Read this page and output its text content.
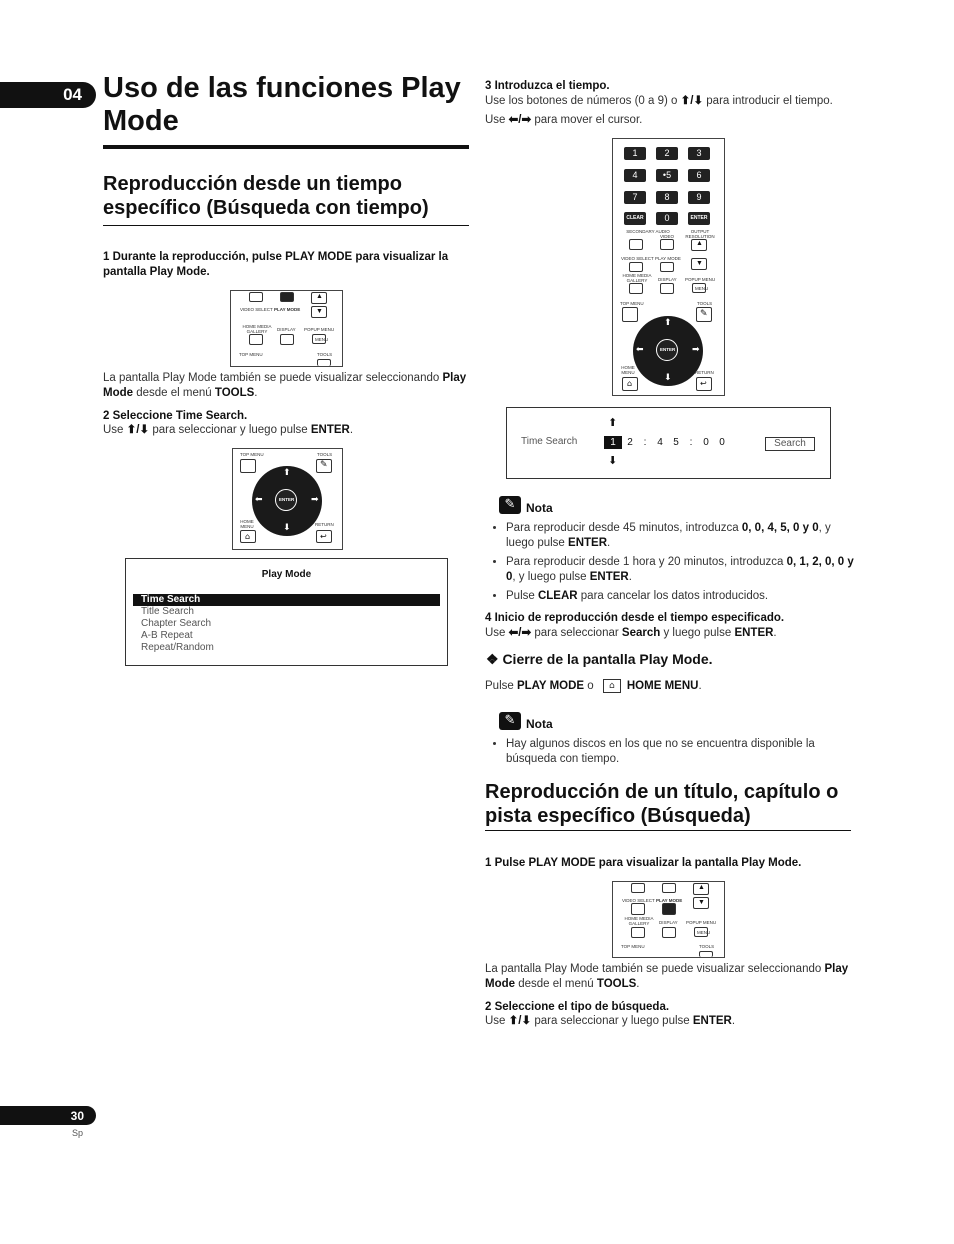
04 Uso de las funciones Play Mode
Reproducción desde un tiempo específico (Búsqueda con tiempo)
1 Durante la reproducción, pulse PLAY MODE para visualizar la pantalla Play Mode.
▲
VIDEO SELECT PLAY MODE ▼
HOME MEDIA GALLERY	DISPLAY POPUP MENU
MENU
TOP MENU	TOOLS
La pantalla Play Mode también se puede visualizar seleccionando Play Mode desde el menú TOOLS.
2 Seleccione Time Search.
Use ⬆/⬇ para seleccionar y luego pulse ENTER.
TOP MENU	TOOLS
✎
⬆
⬇
⬅	➡
ENTER
HOME MENU	RETURN
⌂	↩
Play Mode
Time Search
Title Search
Chapter Search
A-B Repeat
Repeat/Random
3 Introduzca el tiempo.
Use los botones de números (0 a 9) o ⬆/⬇ para introducir el tiempo.
Use ⬅/➡ para mover el cursor.
1	2	3
4	•5	6
7	8	9
CLEAR	0	ENTER
SECONDARY AUDIO
VIDEO
OUTPUT RESOLUTION
▲
VIDEO SELECT PLAY MODE
▼
HOME MEDIA GALLERY	DISPLAY POPUP MENU
MENU
TOP MENU	TOOLS
✎
⬆
⬇
⬅	➡
ENTER
HOME MENU	RETURN
⌂	↩
⬆
Time Search	1	2	:	4	5	:	0	0
⬇
Search
✎ Nota
• Para reproducir desde 45 minutos, introduzca 0, 0, 4, 5, 0 y 0, y luego pulse ENTER.
• Para reproducir desde 1 hora y 20 minutos, introduzca 0, 1, 2, 0, 0 y 0, y luego pulse ENTER.
• Pulse CLEAR para cancelar los datos introducidos.
4 Inicio de reproducción desde el tiempo especificado.
Use ⬅/➡ para seleccionar Search y luego pulse ENTER.
❖ Cierre de la pantalla Play Mode.
Pulse PLAY MODE o ⌂ HOME MENU.
✎ Nota
• Hay algunos discos en los que no se encuentra disponible la búsqueda con tiempo.
Reproducción de un título, capítulo o pista específico (Búsqueda)
1 Pulse PLAY MODE para visualizar la pantalla Play Mode.
▲
VIDEO SELECT PLAY MODE ▼
HOME MEDIA GALLERY	DISPLAY POPUP MENU
MENU
TOP MENU	TOOLS
La pantalla Play Mode también se puede visualizar seleccionando Play Mode desde el menú TOOLS.
2 Seleccione el tipo de búsqueda.
Use ⬆/⬇ para seleccionar y luego pulse ENTER.
30
Sp
